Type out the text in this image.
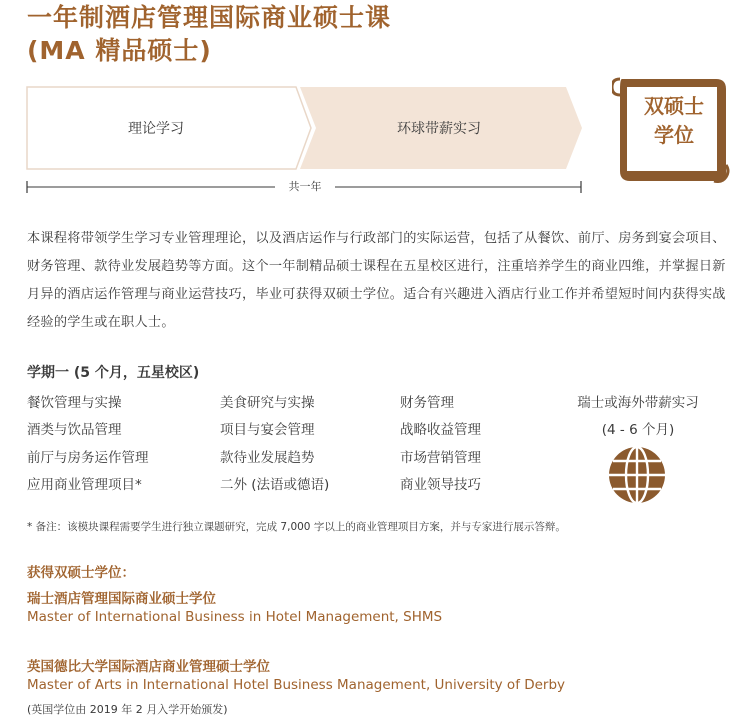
一年制酒店管理国际商业硕士课
(MA 精品硕士)
理论学习	环球带薪实习
双硕士
学位
共一年
本课程将带领学生学习专业管理理论，以及酒店运作与行政部门的实际运营，包括了从餐饮、前厅、房务到宴会项目、财务管理、款待业发展趋势等方面。这个一年制精品硕士课程在五星校区进行，注重培养学生的商业四维，并掌握日新月异的酒店运作管理与商业运营技巧，毕业可获得双硕士学位。适合有兴趣进入酒店行业工作并希望短时间内获得实战经验的学生或在职人士。
学期一 (5 个月，五星校区)
餐饮管理与实操
酒类与饮品管理
前厅与房务运作管理
应用商业管理项目*
美食研究与实操
项目与宴会管理
款待业发展趋势
二外 (法语或德语)
财务管理
战略收益管理
市场营销管理
商业领导技巧
瑞士或海外带薪实习
(4 - 6 个月)
* 备注：该模块课程需要学生进行独立课题研究，完成 7,000 字以上的商业管理项目方案，并与专家进行展示答辩。
获得双硕士学位：
瑞士酒店管理国际商业硕士学位
Master of International Business in Hotel Management, SHMS
英国德比大学国际酒店商业管理硕士学位
Master of Arts in International Hotel Business Management, University of Derby
(英国学位由 2019 年 2 月入学开始颁发)
